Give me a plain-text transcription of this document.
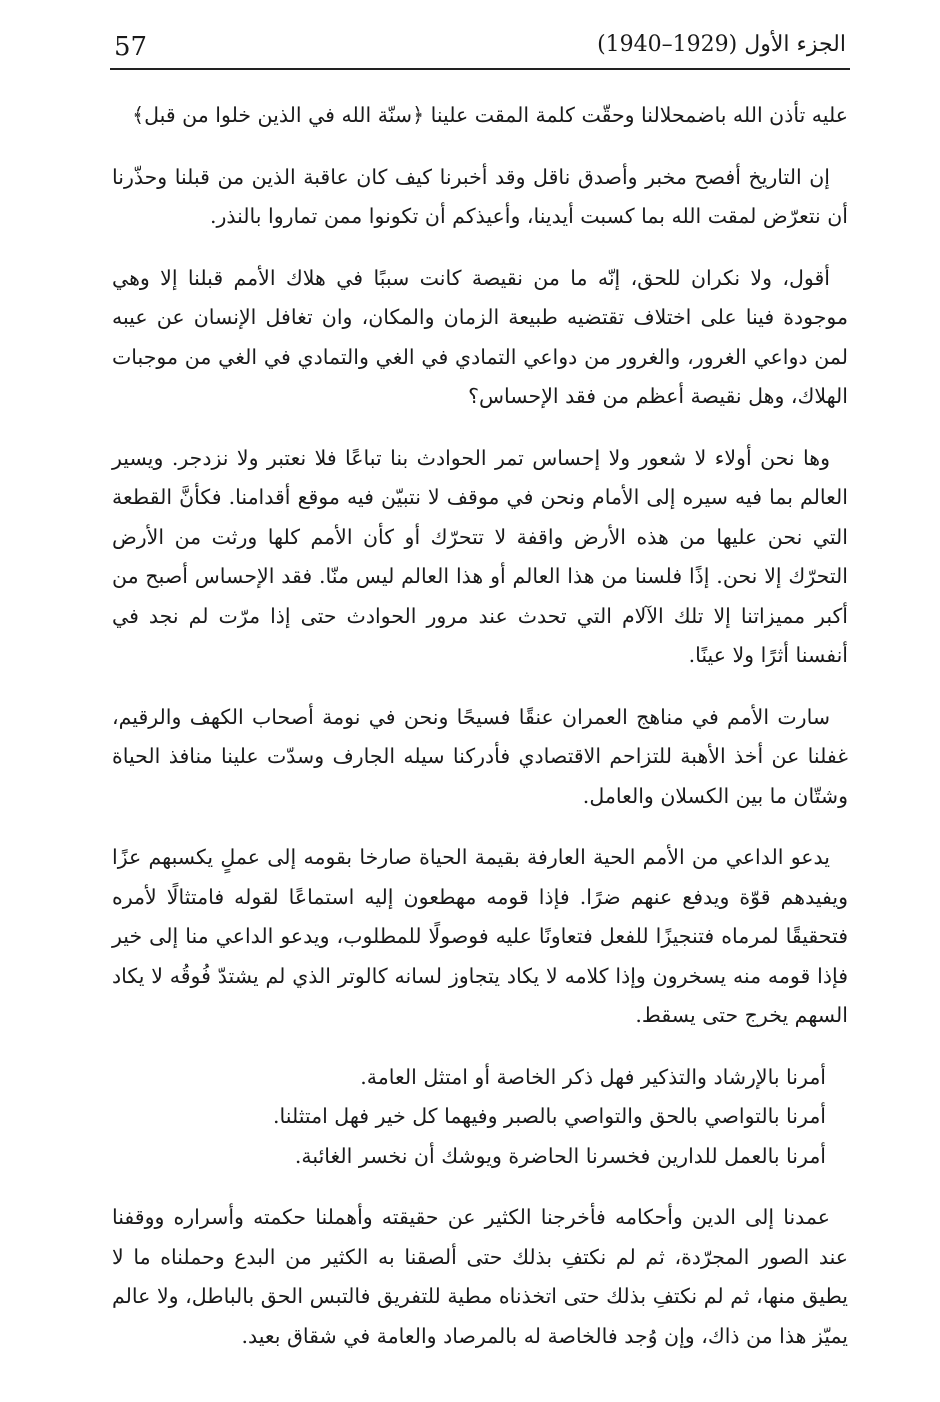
57	الجزء الأول (1929–1940)

عليه تأذن الله باضمحلالنا وحقّت كلمة المقت علينا ﴿سنّة الله في الذين خلوا من قبل﴾

إن التاريخ أفصح مخبر وأصدق ناقل وقد أخبرنا كيف كان عاقبة الذين من قبلنا وحذّرنا أن نتعرّض لمقت الله بما كسبت أيدينا، وأعيذكم أن تكونوا ممن تماروا بالنذر.

أقول، ولا نكران للحق، إنّه ما من نقيصة كانت سببًا في هلاك الأمم قبلنا إلا وهي موجودة فينا على اختلاف تقتضيه طبيعة الزمان والمكان، وان تغافل الإنسان عن عيبه لمن دواعي الغرور، والغرور من دواعي التمادي في الغي والتمادي في الغي من موجبات الهلاك، وهل نقيصة أعظم من فقد الإحساس؟

وها نحن أولاء لا شعور ولا إحساس تمر الحوادث بنا تباعًا فلا نعتبر ولا نزدجر. ويسير العالم بما فيه سيره إلى الأمام ونحن في موقف لا نتبيّن فيه موقع أقدامنا. فكأنَّ القطعة التي نحن عليها من هذه الأرض واقفة لا تتحرّك أو كأن الأمم كلها ورثت من الأرض التحرّك إلا نحن. إذًا فلسنا من هذا العالم أو هذا العالم ليس منّا. فقد الإحساس أصبح من أكبر مميزاتنا إلا تلك الآلام التي تحدث عند مرور الحوادث حتى إذا مرّت لم نجد في أنفسنا أثرًا ولا عينًا.

سارت الأمم في مناهج العمران عنقًا فسيحًا ونحن في نومة أصحاب الكهف والرقيم، غفلنا عن أخذ الأهبة للتزاحم الاقتصادي فأدركنا سيله الجارف وسدّت علينا منافذ الحياة وشتّان ما بين الكسلان والعامل.

يدعو الداعي من الأمم الحية العارفة بقيمة الحياة صارخا بقومه إلى عملٍ يكسبهم عزًا ويفيدهم قوّة ويدفع عنهم ضرًا. فإذا قومه مهطعون إليه استماعًا لقوله فامتثالًا لأمره فتحقيقًا لمرماه فتنجيزًا للفعل فتعاونًا عليه فوصولًا للمطلوب، ويدعو الداعي منا إلى خير فإذا قومه منه يسخرون وإذا كلامه لا يكاد يتجاوز لسانه كالوتر الذي لم يشتدّ فُوقُه لا يكاد السهم يخرج حتى يسقط.

أمرنا بالإرشاد والتذكير فهل ذكر الخاصة أو امتثل العامة.
أمرنا بالتواصي بالحق والتواصي بالصبر وفيهما كل خير فهل امتثلنا.
أمرنا بالعمل للدارين فخسرنا الحاضرة ويوشك أن نخسر الغائبة.

عمدنا إلى الدين وأحكامه فأخرجنا الكثير عن حقيقته وأهملنا حكمته وأسراره ووقفنا عند الصور المجرّدة، ثم لم نكتفِ بذلك حتى ألصقنا به الكثير من البدع وحملناه ما لا يطيق منها، ثم لم نكتفِ بذلك حتى اتخذناه مطية للتفريق فالتبس الحق بالباطل، ولا عالم يميّز هذا من ذاك، وإن وُجد فالخاصة له بالمرصاد والعامة في شقاق بعيد.
